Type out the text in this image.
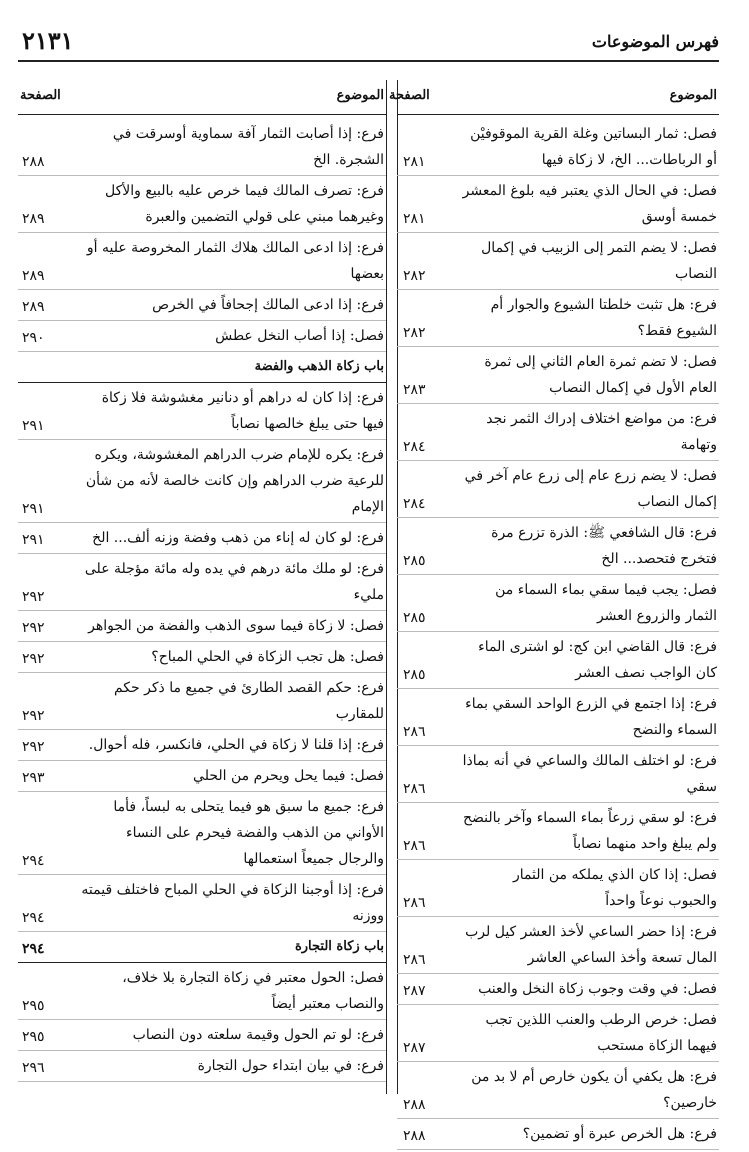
٢١٣١	فهرس الموضوعات
الموضوع
الصفحة
فصل: ثمار البساتين وغلة القرية الموقوفيْن أو الرباطات... الخ، لا زكاة فيها
٢٨١
فصل: في الحال الذي يعتبر فيه بلوغ المعشر خمسة أوسق
٢٨١
فصل: لا يضم التمر إلى الزبيب في إكمال النصاب
٢٨٢
فرع: هل تثبت خلطتا الشيوع والجوار أم الشيوع فقط؟
٢٨٢
فصل: لا تضم ثمرة العام الثاني إلى ثمرة العام الأول في إكمال النصاب
٢٨٣
فرع: من مواضع اختلاف إدراك الثمر نجد وتهامة
٢٨٤
فصل: لا يضم زرع عام إلى زرع عام آخر في إكمال النصاب
٢٨٤
فرع: قال الشافعي ﷺ: الذرة تزرع مرة فتخرج فتحصد... الخ
٢٨٥
فصل: يجب فيما سقي بماء السماء من الثمار والزروع العشر
٢٨٥
فرع: قال القاضي ابن كج: لو اشترى الماء كان الواجب نصف العشر
٢٨٥
فرع: إذا اجتمع في الزرع الواحد السقي بماء السماء والنضح
٢٨٦
فرع: لو اختلف المالك والساعي في أنه بماذا سقي
٢٨٦
فرع: لو سقي زرعاً بماء السماء وآخر بالنضح ولم يبلغ واحد منهما نصاباً
٢٨٦
فصل: إذا كان الذي يملكه من الثمار والحبوب نوعاً واحداً
٢٨٦
فرع: إذا حضر الساعي لأخذ العشر كيل لرب المال تسعة وأخذ الساعي العاشر
٢٨٦
فصل: في وقت وجوب زكاة النخل والعنب
٢٨٧
فصل: خرص الرطب والعنب اللذين تجب فيهما الزكاة مستحب
٢٨٧
فرع: هل يكفي أن يكون خارص أم لا بد من خارصين؟
٢٨٨
فرع: هل الخرص عبرة أو تضمين؟
٢٨٨
الموضوع
الصفحة
فرع: إذا أصابت الثمار آفة سماوية أوسرقت في الشجرة. الخ
٢٨٨
فرع: تصرف المالك فيما خرص عليه بالبيع والأكل وغيرهما مبني على قولي التضمين والعبرة
٢٨٩
فرع: إذا ادعى المالك هلاك الثمار المخروصة عليه أو بعضها
٢٨٩
فرع: إذا ادعى المالك إجحافاً في الخرص
٢٨٩
فصل: إذا أصاب النخل عطش
٢٩٠
باب زكاة الذهب والفضة
فرع: إذا كان له دراهم أو دنانير مغشوشة فلا زكاة فيها حتى يبلغ خالصها نصاباً
٢٩١
فرع: يكره للإمام ضرب الدراهم المغشوشة، ويكره للرعية ضرب الدراهم وإن كانت خالصة لأنه من شأن الإمام
٢٩١
فرع: لو كان له إناء من ذهب وفضة وزنه ألف... الخ
٢٩١
فرع: لو ملك مائة درهم في يده وله مائة مؤجلة على مليء
٢٩٢
فصل: لا زكاة فيما سوى الذهب والفضة من الجواهر
٢٩٢
فصل: هل تجب الزكاة في الحلي المباح؟
٢٩٢
فرع: حكم القصد الطارئ في جميع ما ذكر حكم للمقارب
٢٩٢
فرع: إذا قلنا لا زكاة في الحلي، فانكسر، فله أحوال.
٢٩٢
فصل: فيما يحل ويحرم من الحلي
٢٩٣
فرع: جميع ما سبق هو فيما يتحلى به لبساً، فأما الأواني من الذهب والفضة فيحرم على النساء والرجال جميعاً استعمالها
٢٩٤
فرع: إذا أوجبنا الزكاة في الحلي المباح فاختلف قيمته ووزنه
٢٩٤
باب زكاة التجارة
٢٩٤
فصل: الحول معتبر في زكاة التجارة بلا خلاف، والنصاب معتبر أيضاً
٢٩٥
فرع: لو تم الحول وقيمة سلعته دون النصاب
٢٩٥
فرع: في بيان ابتداء حول التجارة
٢٩٦
